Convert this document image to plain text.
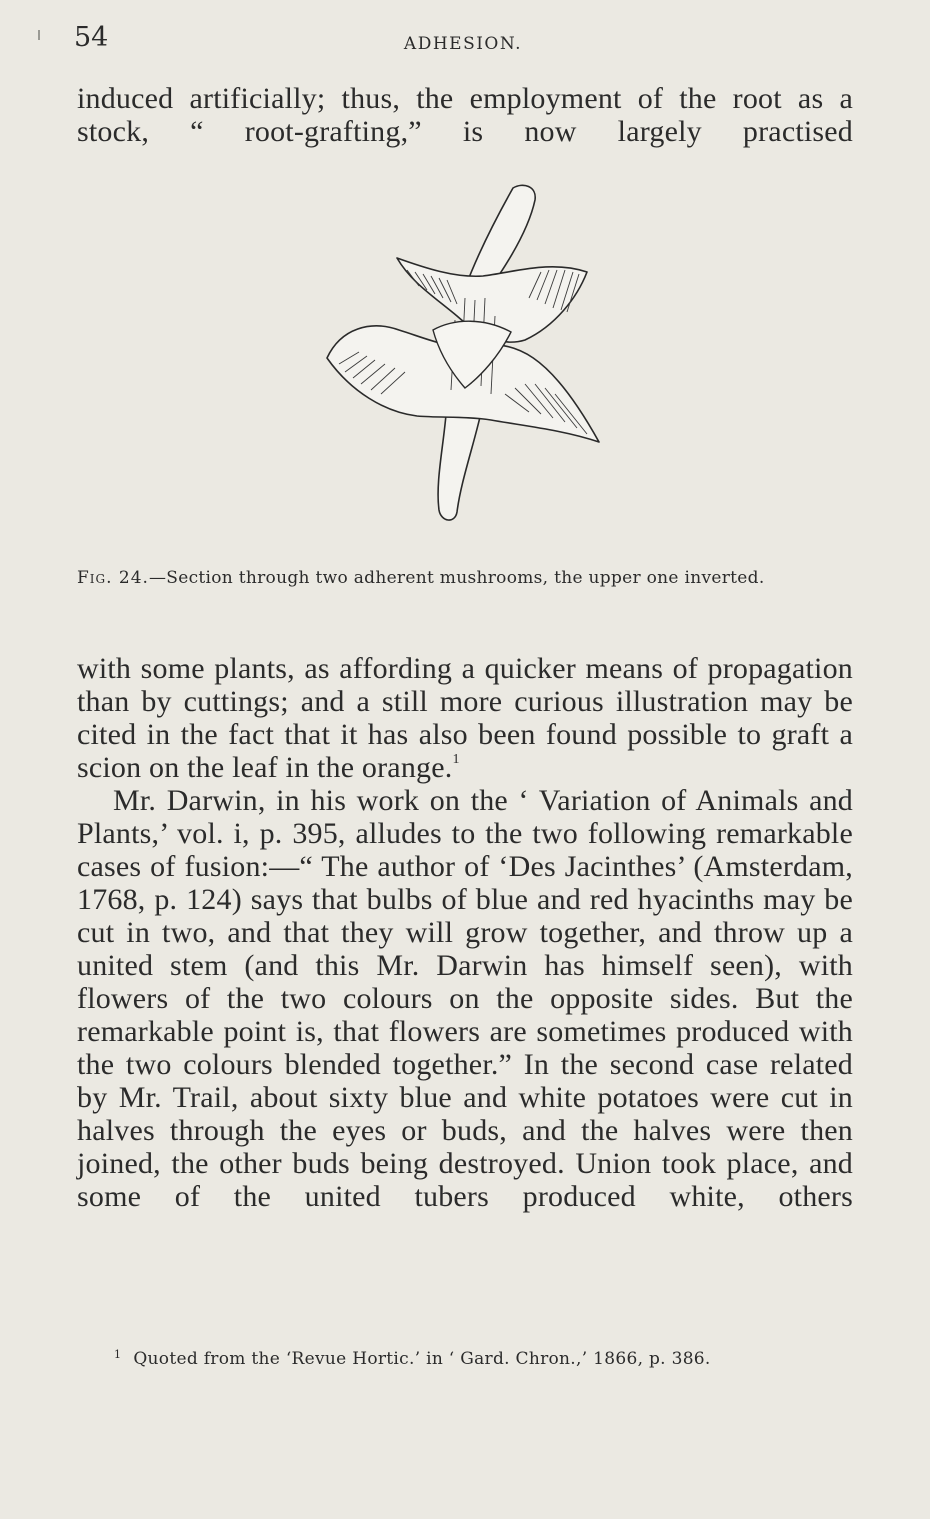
54	ADHESION.

induced artificially; thus, the employment of the root as a stock, “ root-grafting,” is now largely practised

Fig. 24.—Section through two adherent mushrooms, the upper one inverted.

with some plants, as affording a quicker means of propagation than by cuttings; and a still more curious illustration may be cited in the fact that it has also been found possible to graft a scion on the leaf in the orange.$^1$

Mr. Darwin, in his work on the ‘ Variation of Animals and Plants,’ vol. i, p. 395, alludes to the two following remarkable cases of fusion:—“ The author of ‘Des Jacinthes’ (Amsterdam, 1768, p. 124) says that bulbs of blue and red hyacinths may be cut in two, and that they will grow together, and throw up a united stem (and this Mr. Darwin has himself seen), with flowers of the two colours on the opposite sides. But the remarkable point is, that flowers are sometimes produced with the two colours blended together.” In the second case related by Mr. Trail, about sixty blue and white potatoes were cut in halves through the eyes or buds, and the halves were then joined, the other buds being destroyed. Union took place, and some of the united tubers produced white, others

$^1$ Quoted from the ‘Revue Hortic.’ in ‘ Gard. Chron.,’ 1866, p. 386.
